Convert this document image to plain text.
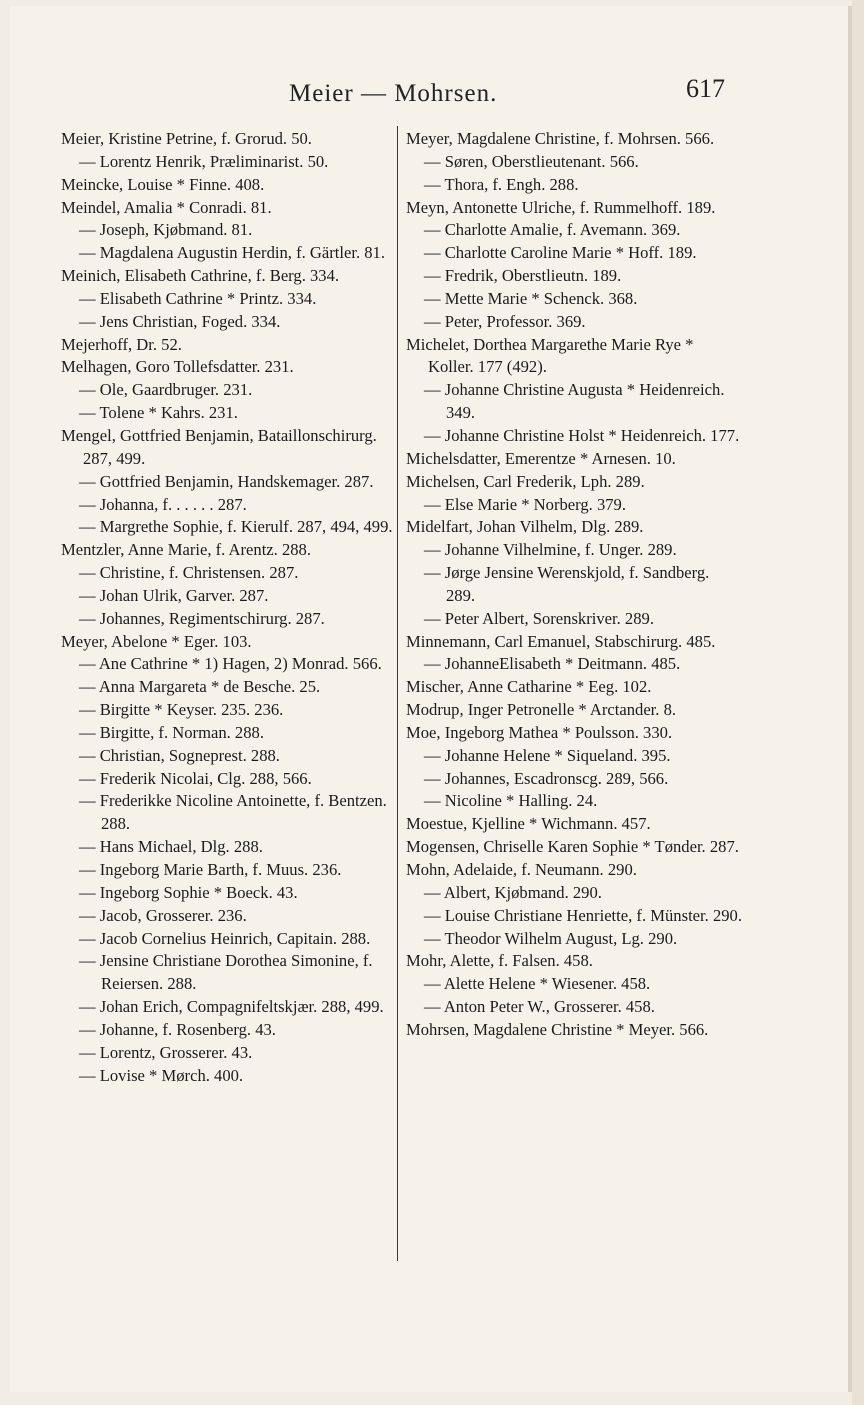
Meier — Mohrsen.	617

Meier, Kristine Petrine, f. Grorud. 50.

— Lorentz Henrik, Præliminarist. 50.

Meincke, Louise * Finne. 408.

Meindel, Amalia * Conradi. 81.

— Joseph, Kjøbmand. 81.

— Magdalena Augustin Herdin, f. Gärtler. 81.

Meinich, Elisabeth Cathrine, f. Berg. 334.

— Elisabeth Cathrine * Printz. 334.

— Jens Christian, Foged. 334.

Mejerhoff, Dr. 52.

Melhagen, Goro Tollefsdatter. 231.

— Ole, Gaardbruger. 231.

— Tolene * Kahrs. 231.

Mengel, Gottfried Benjamin, Bataillonschirurg. 287, 499.

— Gottfried Benjamin, Handskemager. 287.

— Johanna, f. . . . . . 287.

— Margrethe Sophie, f. Kierulf. 287, 494, 499.

Mentzler, Anne Marie, f. Arentz. 288.

— Christine, f. Christensen. 287.

— Johan Ulrik, Garver. 287.

— Johannes, Regimentschirurg. 287.

Meyer, Abelone * Eger. 103.

— Ane Cathrine * 1) Hagen, 2) Monrad. 566.

— Anna Margareta * de Besche. 25.

— Birgitte * Keyser. 235. 236.

— Birgitte, f. Norman. 288.

— Christian, Sogneprest. 288.

— Frederik Nicolai, Clg. 288, 566.

— Frederikke Nicoline Antoinette, f. Bentzen. 288.

— Hans Michael, Dlg. 288.

— Ingeborg Marie Barth, f. Muus. 236.

— Ingeborg Sophie * Boeck. 43.

— Jacob, Grosserer. 236.

— Jacob Cornelius Heinrich, Capitain. 288.

— Jensine Christiane Dorothea Simonine, f. Reiersen. 288.

— Johan Erich, Compagnifeltskjær. 288, 499.

— Johanne, f. Rosenberg. 43.

— Lorentz, Grosserer. 43.

— Lovise * Mørch. 400.

Meyer, Magdalene Christine, f. Mohrsen. 566.

— Søren, Oberstlieutenant. 566.

— Thora, f. Engh. 288.

Meyn, Antonette Ulriche, f. Rummelhoff. 189.

— Charlotte Amalie, f. Avemann. 369.

— Charlotte Caroline Marie * Hoff. 189.

— Fredrik, Oberstlieutn. 189.

— Mette Marie * Schenck. 368.

— Peter, Professor. 369.

Michelet, Dorthea Margarethe Marie Rye * Koller. 177 (492).

— Johanne Christine Augusta * Heidenreich. 349.

— Johanne Christine Holst * Heidenreich. 177.

Michelsdatter, Emerentze * Arnesen. 10.

Michelsen, Carl Frederik, Lph. 289.

— Else Marie * Norberg. 379.

Midelfart, Johan Vilhelm, Dlg. 289.

— Johanne Vilhelmine, f. Unger. 289.

— Jørge Jensine Werenskjold, f. Sandberg. 289.

— Peter Albert, Sorenskriver. 289.

Minnemann, Carl Emanuel, Stabschirurg. 485.

— JohanneElisabeth * Deitmann. 485.

Mischer, Anne Catharine * Eeg. 102.

Modrup, Inger Petronelle * Arctander. 8.

Moe, Ingeborg Mathea * Poulsson. 330.

— Johanne Helene * Siqueland. 395.

— Johannes, Escadronscg. 289, 566.

— Nicoline * Halling. 24.

Moestue, Kjelline * Wichmann. 457.

Mogensen, Chriselle Karen Sophie * Tønder. 287.

Mohn, Adelaide, f. Neumann. 290.

— Albert, Kjøbmand. 290.

— Louise Christiane Henriette, f. Münster. 290.

— Theodor Wilhelm August, Lg. 290.

Mohr, Alette, f. Falsen. 458.

— Alette Helene * Wiesener. 458.

— Anton Peter W., Grosserer. 458.

Mohrsen, Magdalene Christine * Meyer. 566.
